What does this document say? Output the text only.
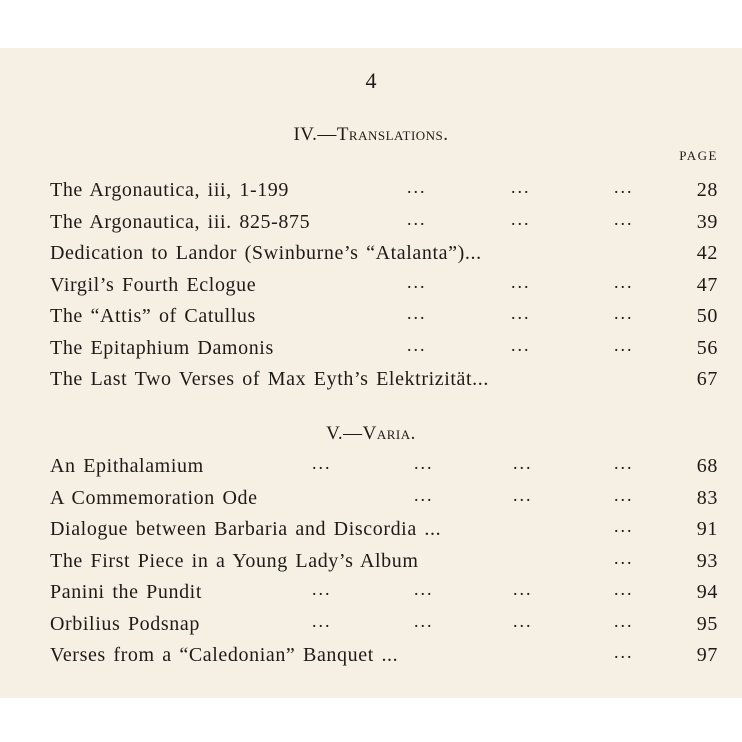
4
IV.—Translations.
PAGE
The Argonautica, iii, 1-199	...	...	...	28
The Argonautica, iii. 825-875	...	...	...	39
Dedication to Landor (Swinburne’s “Atalanta”)...	42
Virgil’s Fourth Eclogue	...	...	...	47
The “Attis” of Catullus	...	...	...	50
The Epitaphium Damonis	...	...	...	56
The Last Two Verses of Max Eyth’s Elektrizität...	67
V.—Varia.
An Epithalamium	...	...	...	...	68
A Commemoration Ode	...	...	...	83
Dialogue between Barbaria and Discordia ...	...	91
The First Piece in a Young Lady’s Album	...	93
Panini the Pundit	...	...	...	...	94
Orbilius Podsnap	...	...	...	...	95
Verses from a “Caledonian” Banquet ...	...	97
